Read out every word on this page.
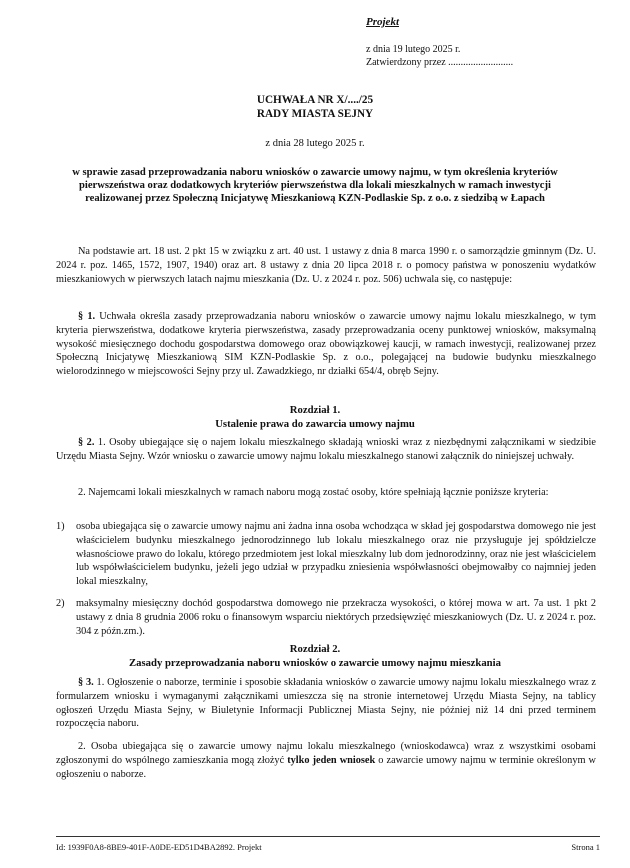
Projekt
z dnia 19 lutego 2025 r.
Zatwierdzony przez ..........................
UCHWAŁA NR X/..../25
RADY MIASTA SEJNY
z dnia 28 lutego 2025 r.
w sprawie zasad przeprowadzania naboru wniosków o zawarcie umowy najmu, w tym określenia kryteriów pierwszeństwa oraz dodatkowych kryteriów pierwszeństwa dla lokali mieszkalnych w ramach inwestycji realizowanej przez Społeczną Inicjatywę Mieszkaniową KZN-Podlaskie Sp. z o.o. z siedzibą w Łapach

Na podstawie art. 18 ust. 2 pkt 15 w związku z art. 40 ust. 1 ustawy z dnia 8 marca 1990 r. o samorządzie gminnym (Dz. U. 2024 r. poz. 1465, 1572, 1907, 1940) oraz art. 8 ustawy z dnia 20 lipca 2018 r. o pomocy państwa w ponoszeniu wydatków mieszkaniowych w pierwszych latach najmu mieszkania (Dz. U. z 2024 r. poz. 506) uchwala się, co następuje:

§ 1. Uchwała określa zasady przeprowadzania naboru wniosków o zawarcie umowy najmu lokalu mieszkalnego, w tym kryteria pierwszeństwa, dodatkowe kryteria pierwszeństwa, zasady przeprowadzania oceny punktowej wniosków, maksymalną wysokość miesięcznego dochodu gospodarstwa domowego oraz obowiązkowej kaucji, w ramach inwestycji, realizowanej przez Społeczną Inicjatywę Mieszkaniową SIM KZN-Podlaskie Sp. z o.o., polegającej na budowie budynku mieszkalnego wielorodzinnego w miejscowości Sejny przy ul. Zawadzkiego, nr działki 654/4, obręb Sejny.

Rozdział 1.
Ustalenie prawa do zawarcia umowy najmu

§ 2. 1. Osoby ubiegające się o najem lokalu mieszkalnego składają wnioski wraz z niezbędnymi załącznikami w siedzibie Urzędu Miasta Sejny. Wzór wniosku o zawarcie umowy najmu lokalu mieszkalnego stanowi załącznik do niniejszej uchwały.

2. Najemcami lokali mieszkalnych w ramach naboru mogą zostać osoby, które spełniają łącznie poniższe kryteria:

1)	osoba ubiegająca się o zawarcie umowy najmu ani żadna inna osoba wchodząca w skład jej gospodarstwa domowego nie jest właścicielem budynku mieszkalnego jednorodzinnego lub lokalu mieszkalnego oraz nie przysługuje jej spółdzielcze własnościowe prawo do lokalu, którego przedmiotem jest lokal mieszkalny lub dom jednorodzinny, oraz nie jest właścicielem lub współwłaścicielem budynku, jeżeli jego udział w przypadku zniesienia współwłasności obejmowałby co najmniej jeden lokal mieszkalny,
2)	maksymalny miesięczny dochód gospodarstwa domowego nie przekracza wysokości, o której mowa w art. 7a ust. 1 pkt 2 ustawy z dnia 8 grudnia 2006 roku o finansowym wsparciu niektórych przedsięwzięć mieszkaniowych (Dz. U. z 2024 r. poz. 304 z późn.zm.).
Rozdział 2.
Zasady przeprowadzania naboru wniosków o zawarcie umowy najmu mieszkania

§ 3. 1. Ogłoszenie o naborze, terminie i sposobie składania wniosków o zawarcie umowy najmu lokalu mieszkalnego wraz z formularzem wniosku i wymaganymi załącznikami umieszcza się na stronie internetowej Urzędu Miasta Sejny, na tablicy ogłoszeń Urzędu Miasta Sejny, w Biuletynie Informacji Publicznej Miasta Sejny, nie później niż 14 dni przed terminem rozpoczęcia naboru.

2. Osoba ubiegająca się o zawarcie umowy najmu lokalu mieszkalnego (wnioskodawca) wraz z wszystkimi osobami zgłoszonymi do wspólnego zamieszkania mogą złożyć tylko jeden wniosek o zawarcie umowy najmu w terminie określonym w ogłoszeniu o naborze.

Id: 1939F0A8-8BE9-401F-A0DE-ED51D4BA2892. Projekt	Strona 1
